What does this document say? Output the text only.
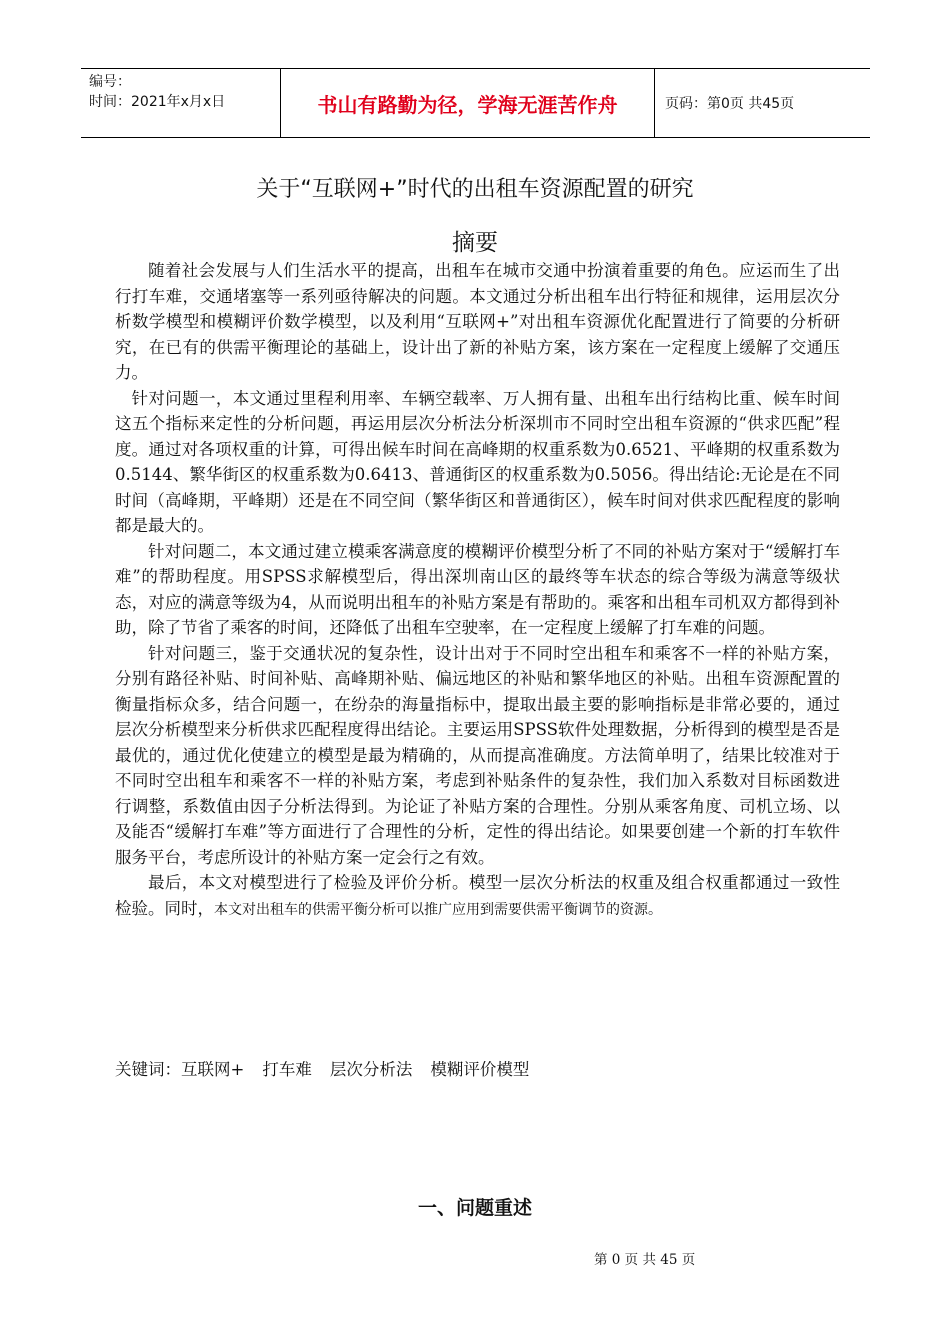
编号：
时间：2021年x月x日	书山有路勤为径，学海无涯苦作舟	页码：第0页 共45页
关于“互联网+”时代的出租车资源配置的研究
摘要

随着社会发展与人们生活水平的提高，出租车在城市交通中扮演着重要的角色。应运而生了出行打车难，交通堵塞等一系列亟待解决的问题。本文通过分析出租车出行特征和规律，运用层次分析数学模型和模糊评价数学模型，以及利用“互联网+”对出租车资源优化配置进行了简要的分析研究，在已有的供需平衡理论的基础上，设计出了新的补贴方案，该方案在一定程度上缓解了交通压力。

针对问题一，本文通过里程利用率、车辆空载率、万人拥有量、出租车出行结构比重、候车时间这五个指标来定性的分析问题，再运用层次分析法分析深圳市不同时空出租车资源的“供求匹配”程度。通过对各项权重的计算，可得出候车时间在高峰期的权重系数为0.6521、平峰期的权重系数为0.5144、繁华街区的权重系数为0.6413、普通街区的权重系数为0.5056。得出结论:无论是在不同时间（高峰期，平峰期）还是在不同空间（繁华街区和普通街区），候车时间对供求匹配程度的影响都是最大的。

针对问题二，本文通过建立模乘客满意度的模糊评价模型分析了不同的补贴方案对于“缓解打车难”的帮助程度。用SPSS求解模型后，得出深圳南山区的最终等车状态的综合等级为满意等级状态，对应的满意等级为4，从而说明出租车的补贴方案是有帮助的。乘客和出租车司机双方都得到补助，除了节省了乘客的时间，还降低了出租车空驶率，在一定程度上缓解了打车难的问题。

针对问题三，鉴于交通状况的复杂性，设计出对于不同时空出租车和乘客不一样的补贴方案，分别有路径补贴、时间补贴、高峰期补贴、偏远地区的补贴和繁华地区的补贴。出租车资源配置的衡量指标众多，结合问题一，在纷杂的海量指标中，提取出最主要的影响指标是非常必要的，通过层次分析模型来分析供求匹配程度得出结论。主要运用SPSS软件处理数据，分析得到的模型是否是最优的，通过优化使建立的模型是最为精确的，从而提高准确度。方法简单明了，结果比较准对于不同时空出租车和乘客不一样的补贴方案，考虑到补贴条件的复杂性，我们加入系数对目标函数进行调整，系数值由因子分析法得到。为论证了补贴方案的合理性。分别从乘客角度、司机立场、以及能否“缓解打车难”等方面进行了合理性的分析，定性的得出结论。如果要创建一个新的打车软件服务平台，考虑所设计的补贴方案一定会行之有效。

最后，本文对模型进行了检验及评价分析。模型一层次分析法的权重及组合权重都通过一致性检验。同时，本文对出租车的供需平衡分析可以推广应用到需要供需平衡调节的资源。

关键词：互联网+ 打车难 层次分析法 模糊评价模型
一、问题重述
第 0 页 共 45 页
